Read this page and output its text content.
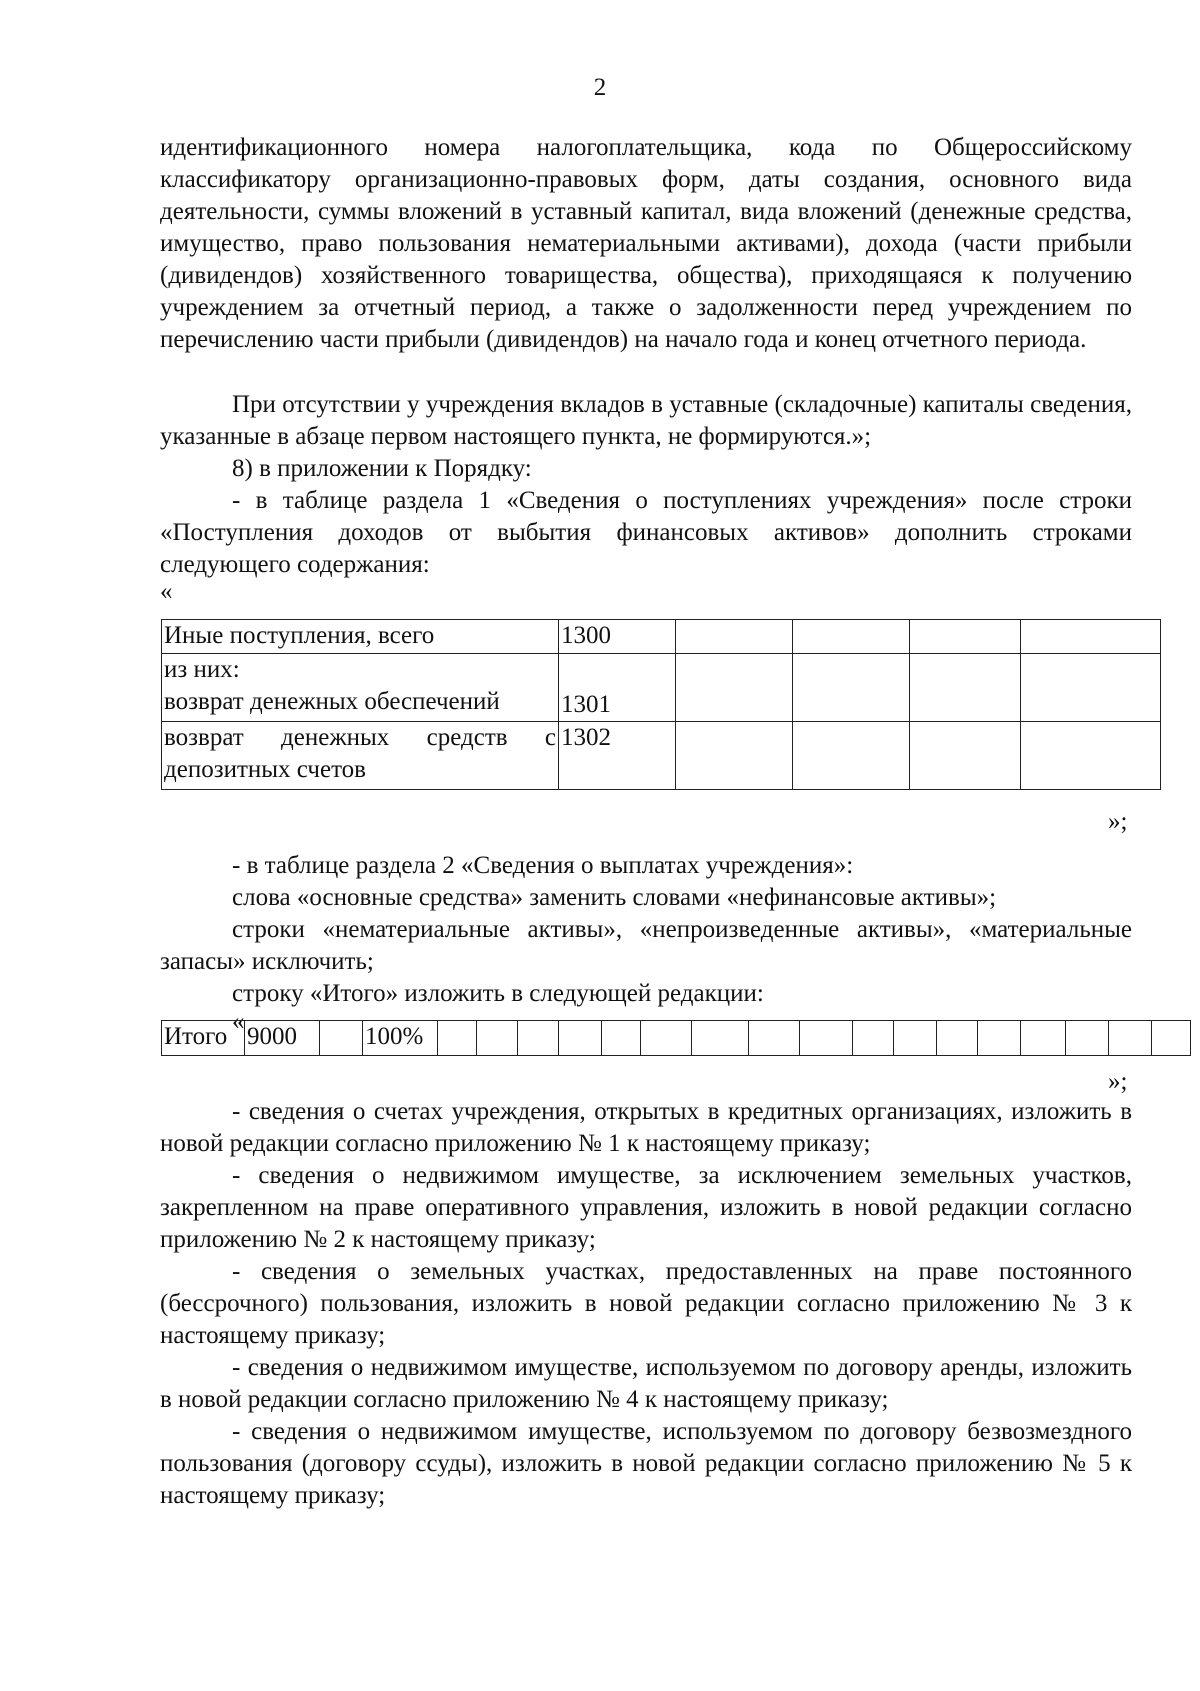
2

идентификационного номера налогоплательщика, кода по Общероссийскому классификатору организационно-правовых форм, даты создания, основного вида деятельности, суммы вложений в уставный капитал, вида вложений (денежные средства, имущество, право пользования нематериальными активами), дохода (части прибыли (дивидендов) хозяйственного товарищества, общества), приходящаяся к получению учреждением за отчетный период, а также о задолженности перед учреждением по перечислению части прибыли (дивидендов) на начало года и конец отчетного периода.

При отсутствии у учреждения вкладов в уставные (складочные) капиталы сведения, указанные в абзаце первом настоящего пункта, не формируются.»;

8) в приложении к Порядку:

- в таблице раздела 1 «Сведения о поступлениях учреждения» после строки «Поступления доходов от выбытия финансовых активов» дополнить строками следующего содержания:

«
Иные поступления, всего	1300				

из них:
возврат денежных обеспечений	1301				

возврат денежных средств с
депозитных счетов	1302				
»;

- в таблице раздела 2 «Сведения о выплатах учреждения»:

слова «основные средства» заменить словами «нефинансовые активы»;

строки «нематериальные активы», «непроизведенные активы», «материальные запасы» исключить;

строку «Итого» изложить в следующей редакции:

«
Итого	9000		100%																	
»;

- сведения о счетах учреждения, открытых в кредитных организациях, изложить в новой редакции согласно приложению № 1 к настоящему приказу;

- сведения о недвижимом имуществе, за исключением земельных участков, закрепленном на праве оперативного управления, изложить в новой редакции согласно приложению № 2 к настоящему приказу;

- сведения о земельных участках, предоставленных на праве постоянного (бессрочного) пользования, изложить в новой редакции согласно приложению № 3 к настоящему приказу;

- сведения о недвижимом имуществе, используемом по договору аренды, изложить в новой редакции согласно приложению № 4 к настоящему приказу;

- сведения о недвижимом имуществе, используемом по договору безвозмездного пользования (договору ссуды), изложить в новой редакции согласно приложению № 5 к настоящему приказу;
